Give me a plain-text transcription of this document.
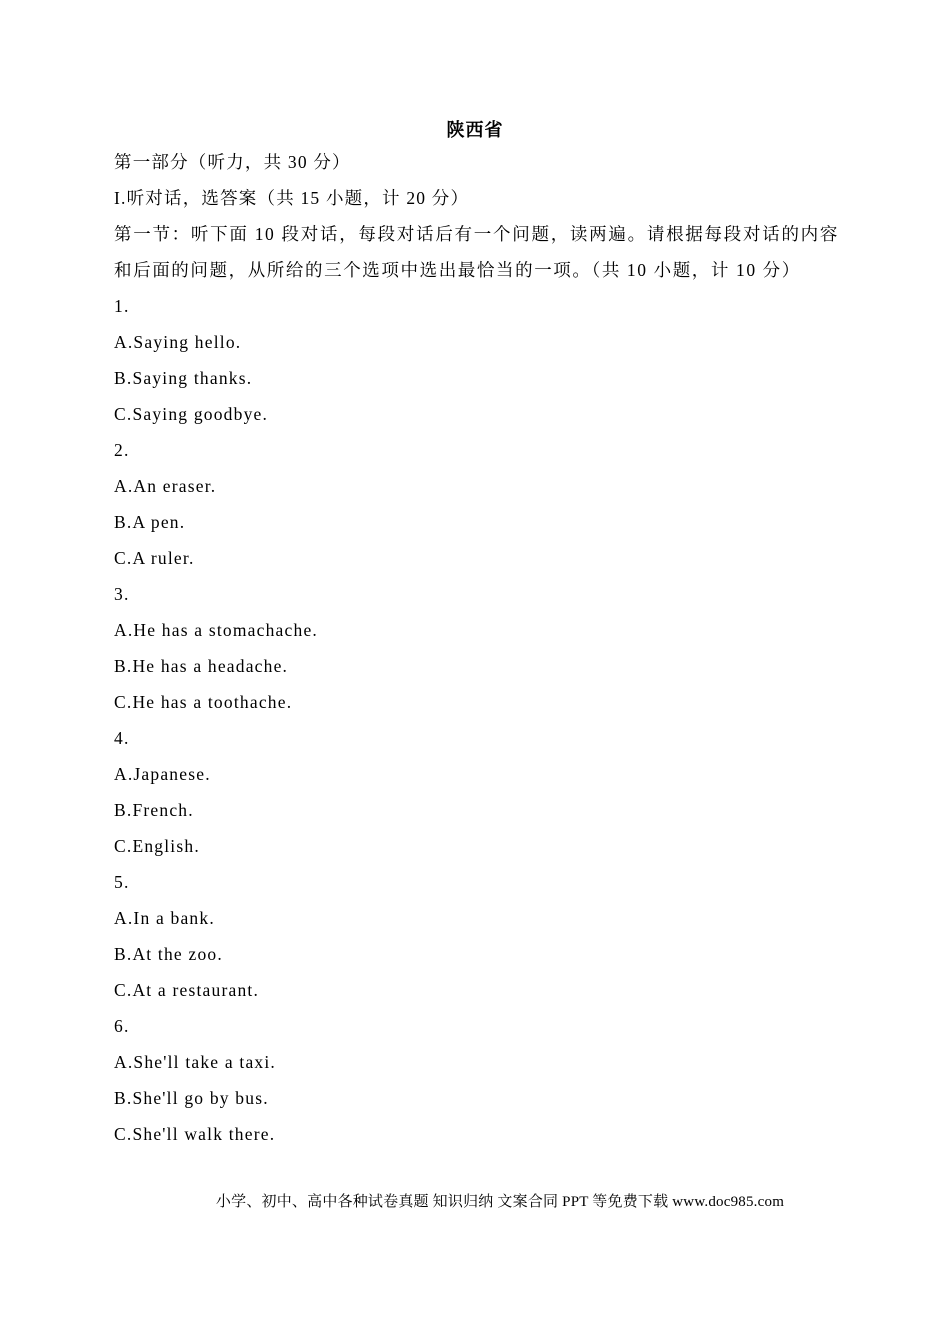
陕西省
第一部分（听力，共 30 分）
I.听对话，选答案（共 15 小题，计 20 分）
第一节：听下面 10 段对话，每段对话后有一个问题，读两遍。请根据每段对话的内容和后面的问题，从所给的三个选项中选出最恰当的一项。（共 10 小题，计 10 分）
1.
A.Saying hello.
B.Saying thanks.
C.Saying goodbye.
2.
A.An eraser.
B.A pen.
C.A ruler.
3.
A.He has a stomachache.
B.He has a headache.
C.He has a toothache.
4.
A.Japanese.
B.French.
C.English.
5.
A.In a bank.
B.At the zoo.
C.At a restaurant.
6.
A.She'll take a taxi.
B.She'll go by bus.
C.She'll walk there.
小学、初中、高中各种试卷真题 知识归纳 文案合同 PPT 等免费下载 www.doc985.com
